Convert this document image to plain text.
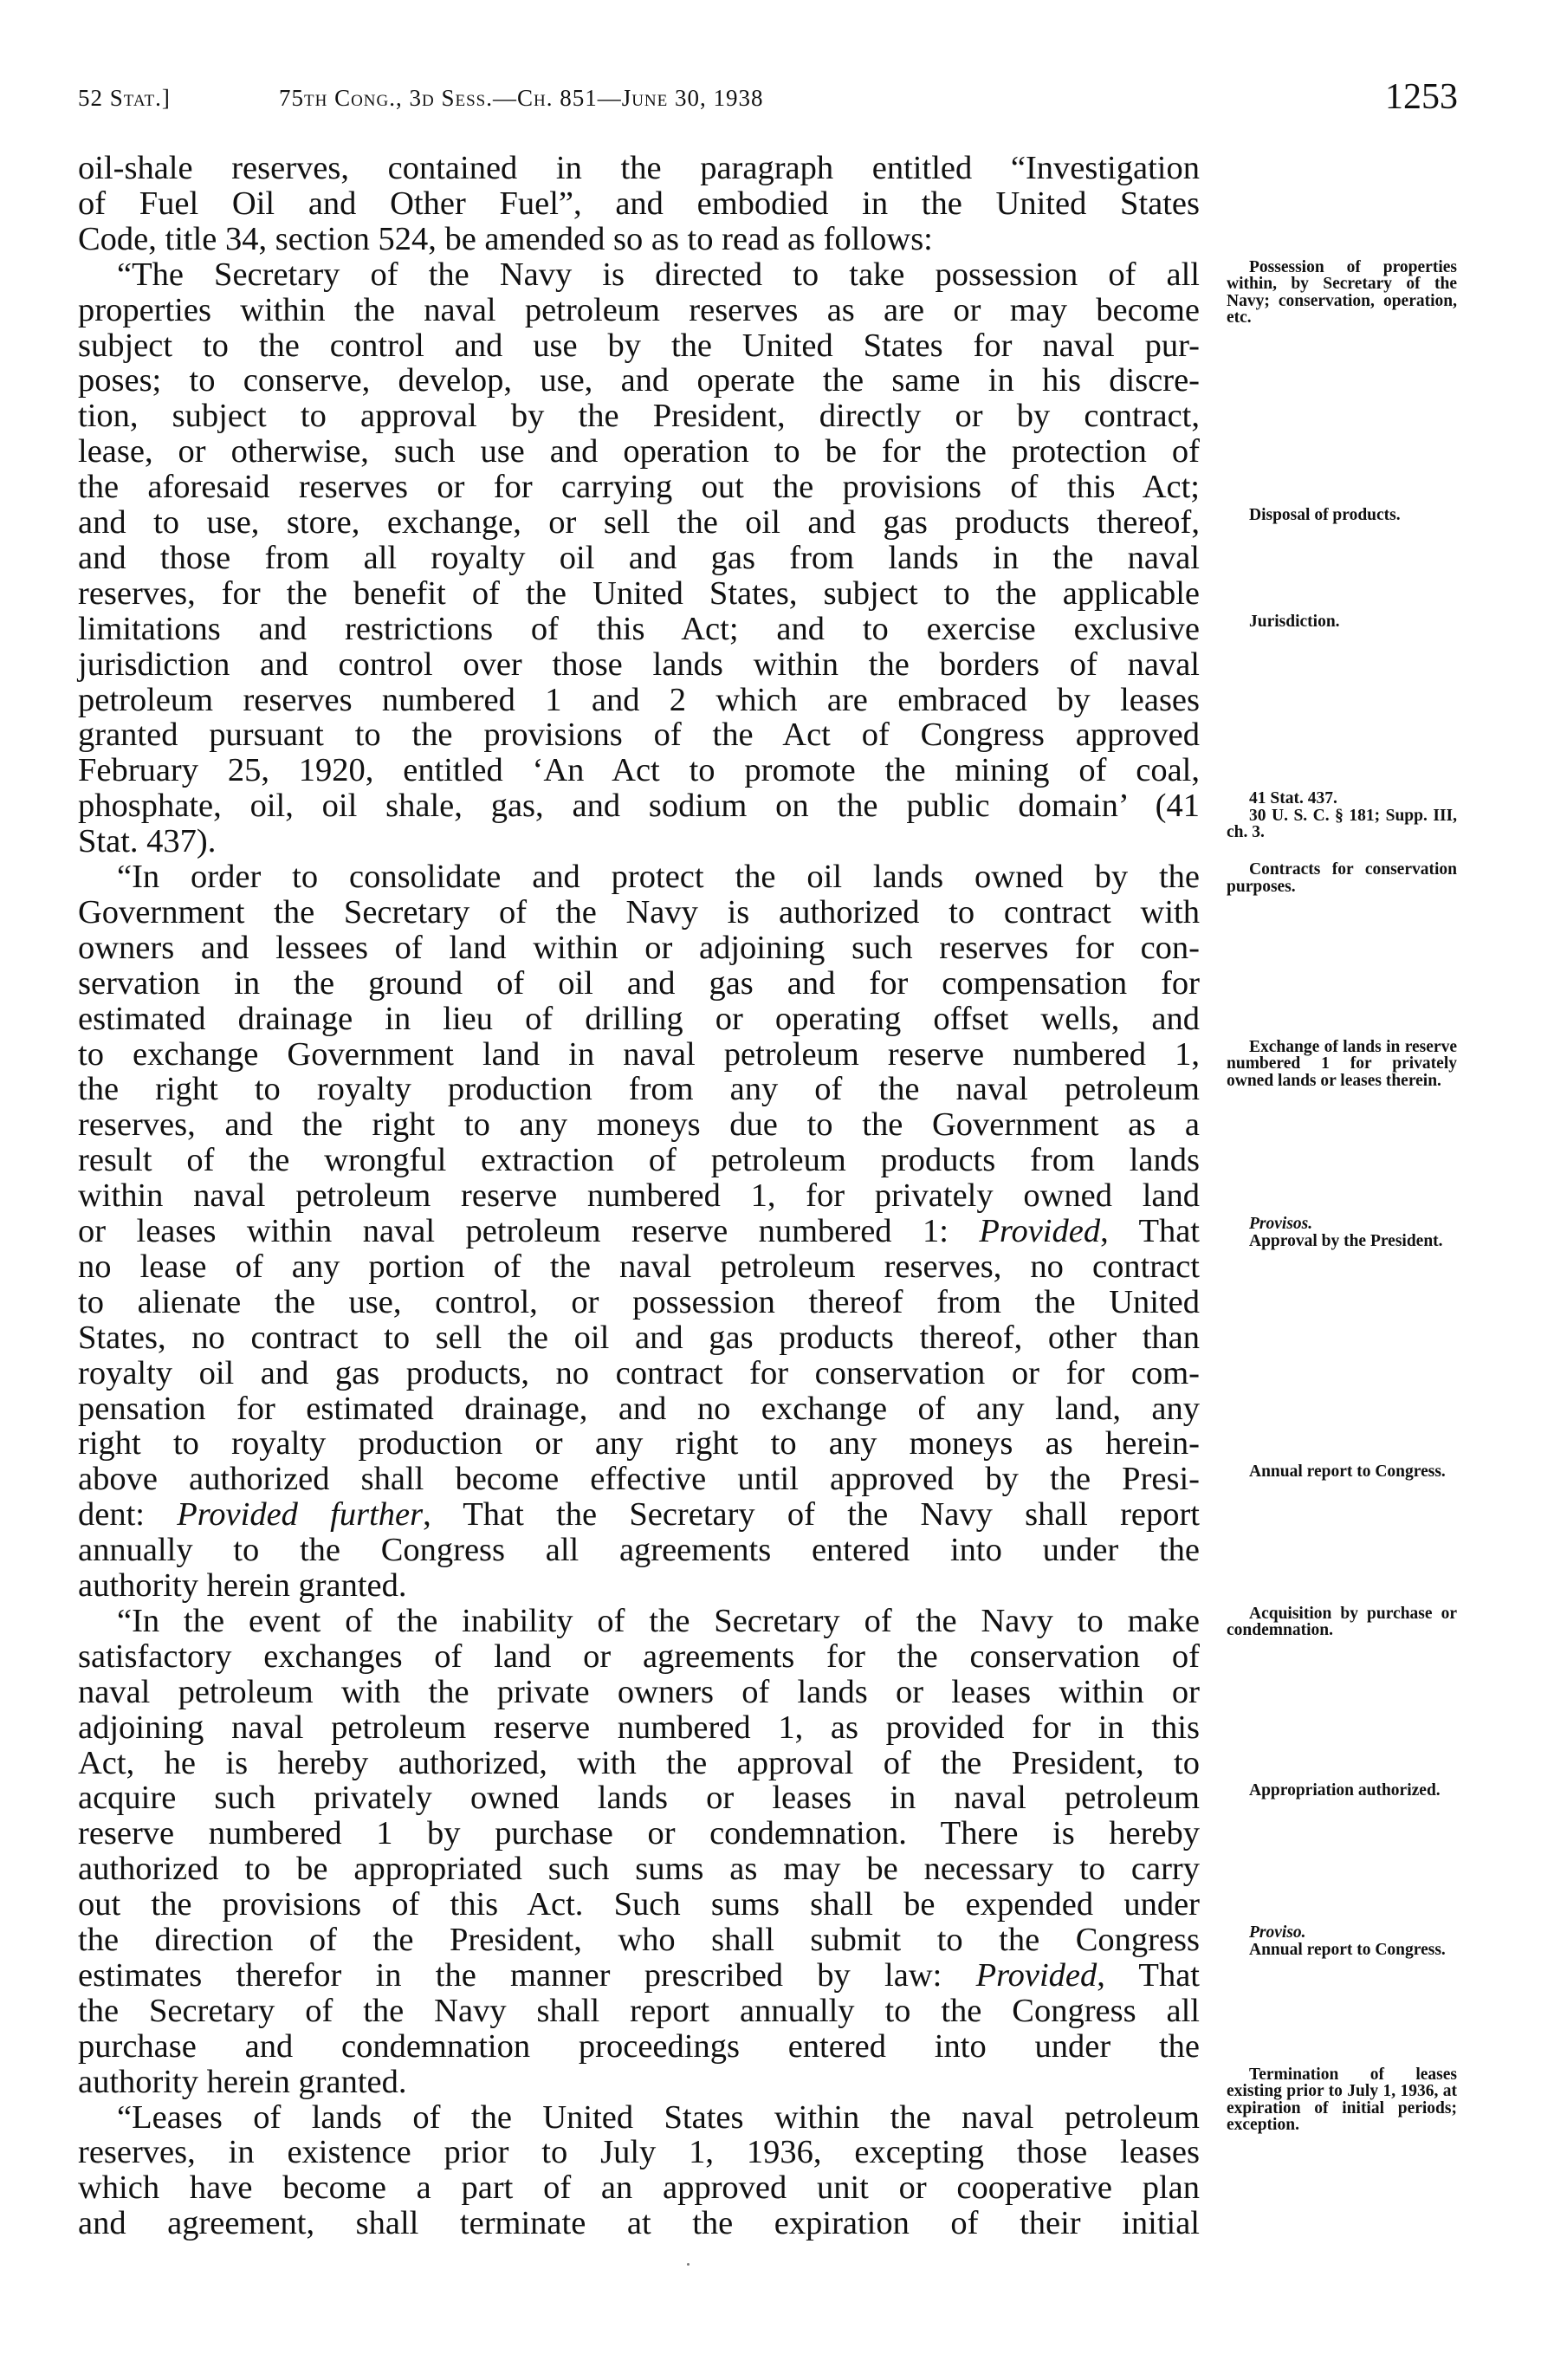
52 Stat.]	75th Cong., 3d Sess.—Ch. 851—June 30, 1938	1253
oil-shale reserves, contained in the paragraph entitled “Investigation
of Fuel Oil and Other Fuel”, and embodied in the United States
Code, title 34, section 524, be amended so as to read as follows:
“The Secretary of the Navy is directed to take possession of all
properties within the naval petroleum reserves as are or may become
subject to the control and use by the United States for naval pur-
poses; to conserve, develop, use, and operate the same in his discre-
tion, subject to approval by the President, directly or by contract,
lease, or otherwise, such use and operation to be for the protection of
the aforesaid reserves or for carrying out the provisions of this Act;
and to use, store, exchange, or sell the oil and gas products thereof,
and those from all royalty oil and gas from lands in the naval
reserves, for the benefit of the United States, subject to the applicable
limitations and restrictions of this Act; and to exercise exclusive
jurisdiction and control over those lands within the borders of naval
petroleum reserves numbered 1 and 2 which are embraced by leases
granted pursuant to the provisions of the Act of Congress approved
February 25, 1920, entitled ‘An Act to promote the mining of coal,
phosphate, oil, oil shale, gas, and sodium on the public domain’ (41
Stat. 437).
“In order to consolidate and protect the oil lands owned by the
Government the Secretary of the Navy is authorized to contract with
owners and lessees of land within or adjoining such reserves for con-
servation in the ground of oil and gas and for compensation for
estimated drainage in lieu of drilling or operating offset wells, and
to exchange Government land in naval petroleum reserve numbered 1,
the right to royalty production from any of the naval petroleum
reserves, and the right to any moneys due to the Government as a
result of the wrongful extraction of petroleum products from lands
within naval petroleum reserve numbered 1, for privately owned land
or leases within naval petroleum reserve numbered 1: Provided, That
no lease of any portion of the naval petroleum reserves, no contract
to alienate the use, control, or possession thereof from the United
States, no contract to sell the oil and gas products thereof, other than
royalty oil and gas products, no contract for conservation or for com-
pensation for estimated drainage, and no exchange of any land, any
right to royalty production or any right to any moneys as herein-
above authorized shall become effective until approved by the Presi-
dent: Provided further, That the Secretary of the Navy shall report
annually to the Congress all agreements entered into under the
authority herein granted.
“In the event of the inability of the Secretary of the Navy to make
satisfactory exchanges of land or agreements for the conservation of
naval petroleum with the private owners of lands or leases within or
adjoining naval petroleum reserve numbered 1, as provided for in this
Act, he is hereby authorized, with the approval of the President, to
acquire such privately owned lands or leases in naval petroleum
reserve numbered 1 by purchase or condemnation. There is hereby
authorized to be appropriated such sums as may be necessary to carry
out the provisions of this Act. Such sums shall be expended under
the direction of the President, who shall submit to the Congress
estimates therefor in the manner prescribed by law: Provided, That
the Secretary of the Navy shall report annually to the Congress all
purchase and condemnation proceedings entered into under the
authority herein granted.
“Leases of lands of the United States within the naval petroleum
reserves, in existence prior to July 1, 1936, excepting those leases
which have become a part of an approved unit or cooperative plan
and agreement, shall terminate at the expiration of their initial
Possession of properties within, by Secretary of the Navy; conservation, operation, etc.
Disposal of products.
Jurisdiction.
41 Stat. 437.
30 U. S. C. § 181; Supp. III, ch. 3.
Contracts for conservation purposes.
Exchange of lands in reserve numbered 1 for privately owned lands or leases therein.
Provisos.
Approval by the President.
Annual report to Congress.
Acquisition by purchase or condemnation.
Appropriation authorized.
Proviso.
Annual report to Congress.
Termination of leases existing prior to July 1, 1936, at expiration of initial periods; exception.
